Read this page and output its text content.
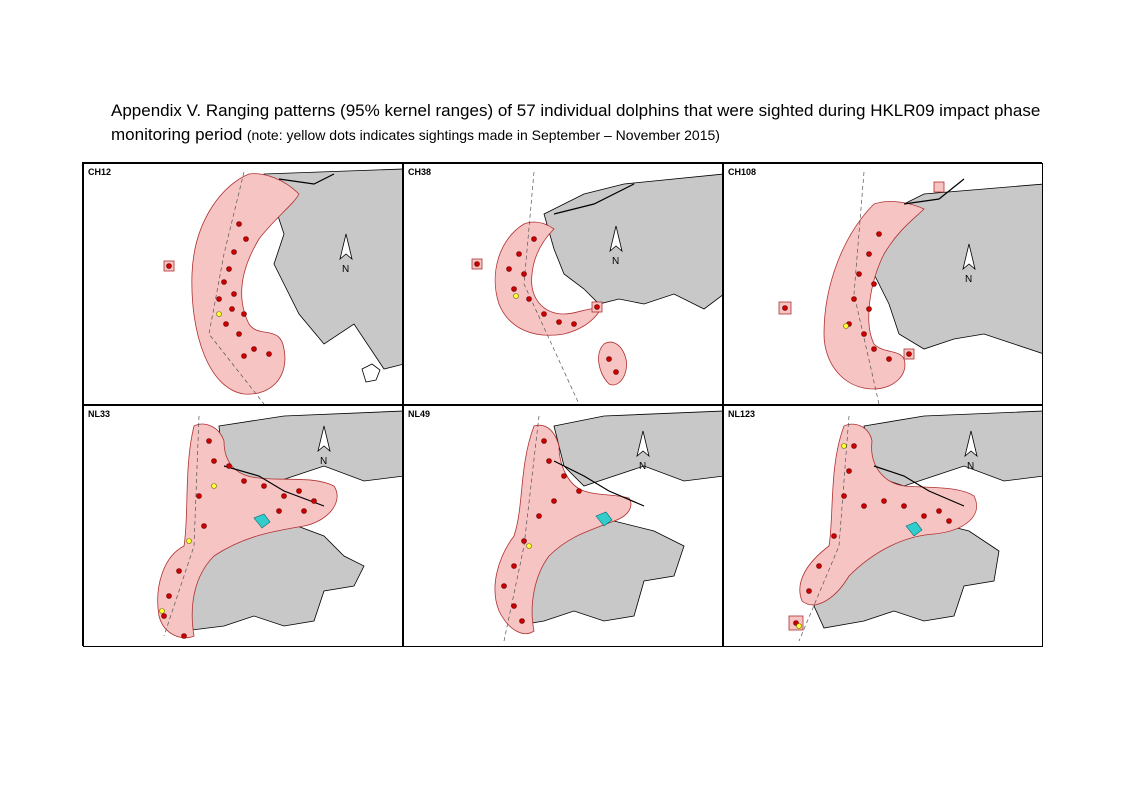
Appendix V. Ranging patterns (95% kernel ranges) of 57 individual dolphins that were sighted during HKLR09 impact phase monitoring period (note: yellow dots indicates sightings made in September – November 2015)
CH12
N
CH38
N
CH108
N
NL33
N
NL49
N
NL123
N
